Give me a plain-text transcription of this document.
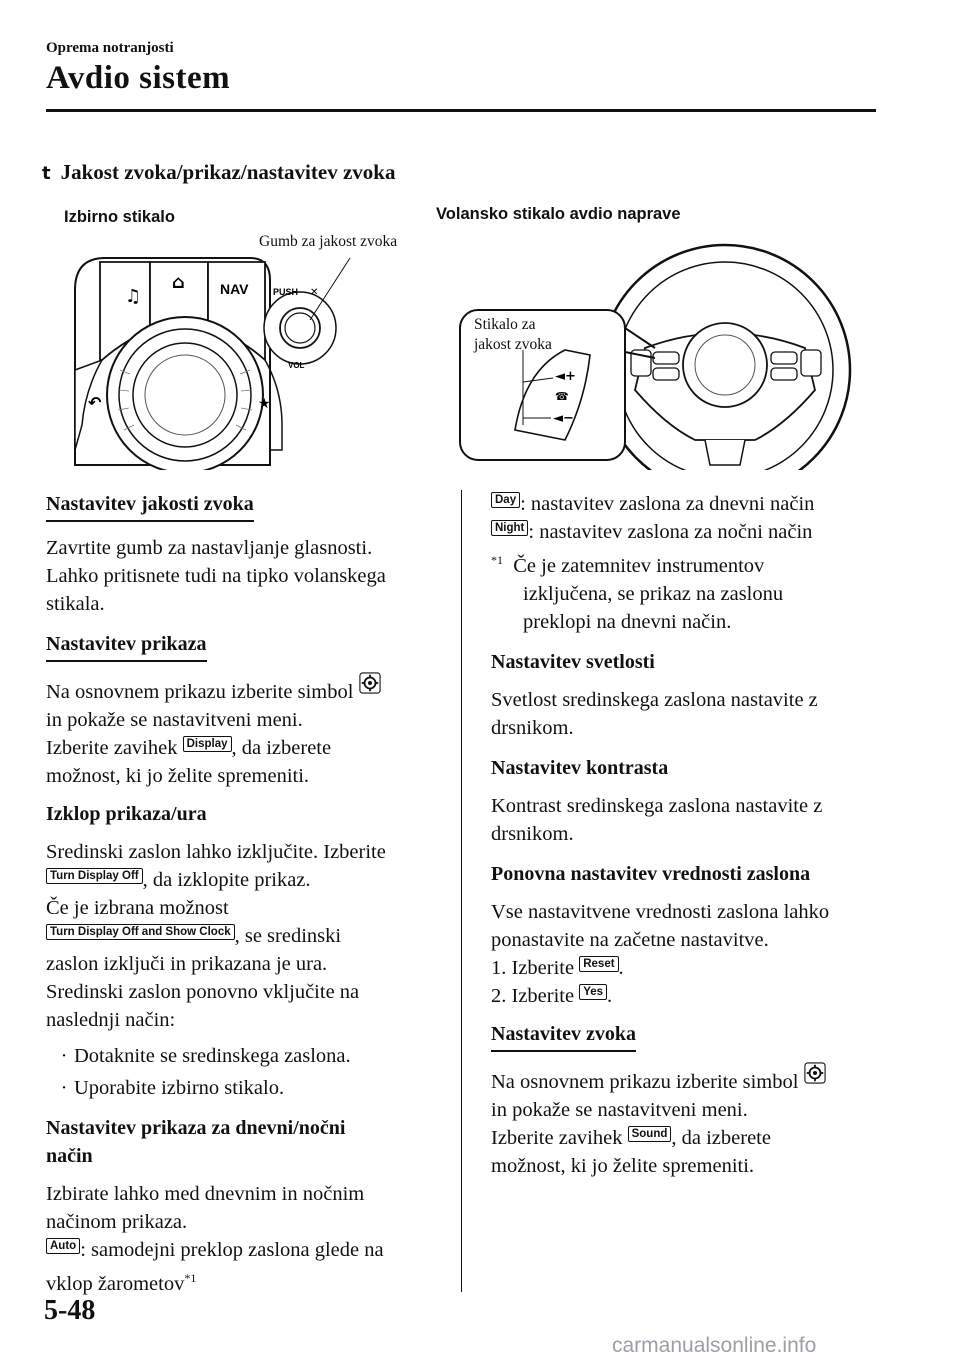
Oprema notranjosti
Avdio sistem
t Jakost zvoka/prikaz/nastavitev zvoka
Izbirno stikalo
Gumb za jakost zvoka
Volansko stikalo avdio naprave
♫
⌂	NAV
↶	★
PUSH ✕
VOL
◄+
☎
◄−
Stikalo za
jakost zvoka
Nastavitev jakosti zvoka

Zavrtite gumb za nastavljanje glasnosti.

Lahko pritisnete tudi na tipko volanskega

stikala.

Nastavitev prikaza

Na osnovnem prikazu izberite simbol

in pokaže se nastavitveni meni.

Izberite zavihek Display , da izberete

možnost, ki jo želite spremeniti.

Izklop prikaza/ura

Sredinski zaslon lahko izključite. Izberite

Turn Display Off , da izklopite prikaz.

Če je izbrana možnost

Turn Display Off and Show Clock , se sredinski

zaslon izključi in prikazana je ura.

Sredinski zaslon ponovno vključite na

naslednji način:

· Dotaknite se sredinskega zaslona.

· Uporabite izbirno stikalo.

Nastavitev prikaza za dnevni/nočni
način

Izbirate lahko med dnevnim in nočnim

načinom prikaza.

Auto : samodejni preklop zaslona glede na

vklop žarometov$^{*1}$

Day : nastavitev zaslona za dnevni način

Night : nastavitev zaslona za nočni način

$^{*1}$ Če je zatemnitev instrumentov

izključena, se prikaz na zaslonu

preklopi na dnevni način.

Nastavitev svetlosti

Svetlost sredinskega zaslona nastavite z

drsnikom.

Nastavitev kontrasta

Kontrast sredinskega zaslona nastavite z

drsnikom.

Ponovna nastavitev vrednosti zaslona

Vse nastavitvene vrednosti zaslona lahko

ponastavite na začetne nastavitve.

1. Izberite Reset .

2. Izberite Yes .

Nastavitev zvoka

Na osnovnem prikazu izberite simbol

in pokaže se nastavitveni meni.

Izberite zavihek Sound , da izberete

možnost, ki jo želite spremeniti.

5-48
carmanualsonline.info
